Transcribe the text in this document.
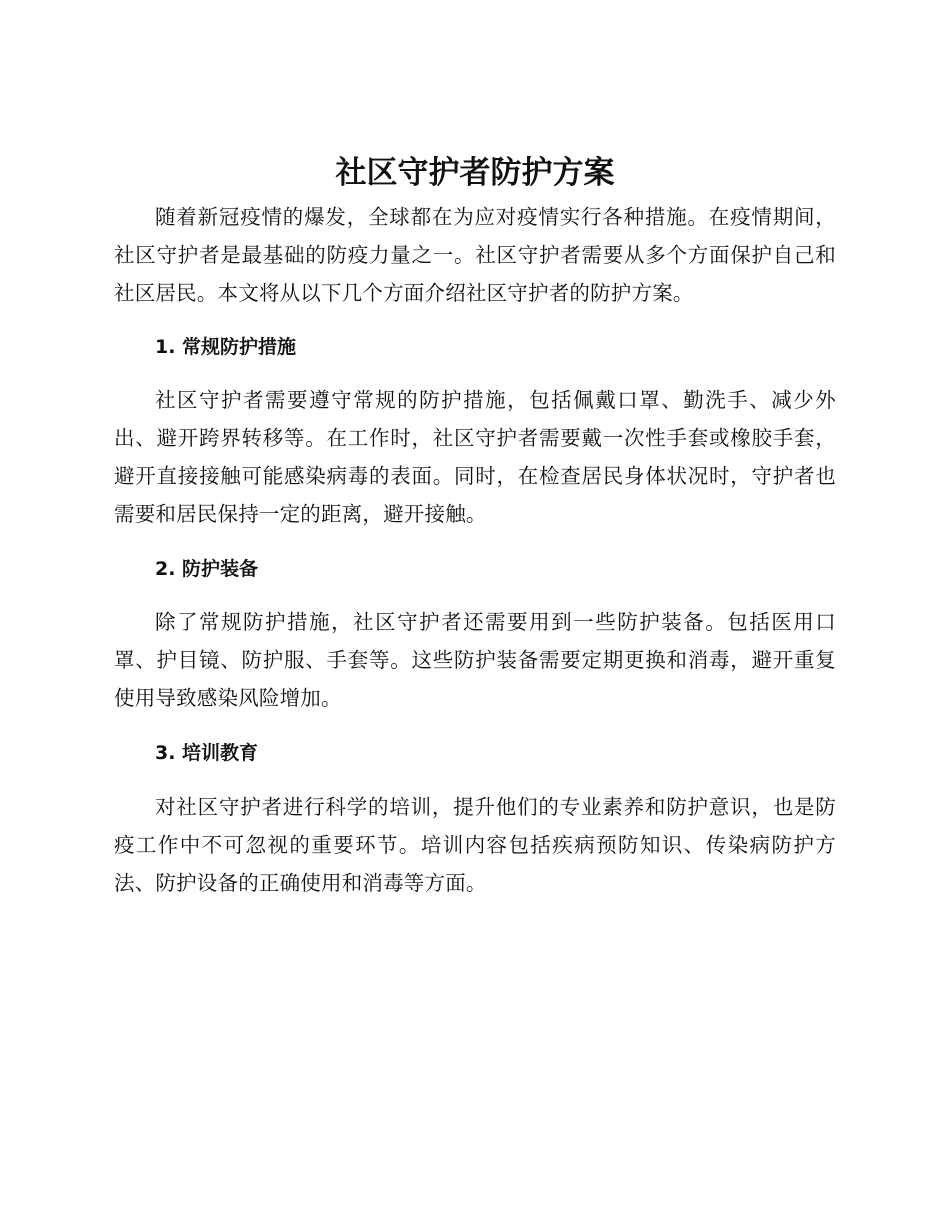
社区守护者防护方案

随着新冠疫情的爆发，全球都在为应对疫情实行各种措施。在疫情期间，社区守护者是最基础的防疫力量之一。社区守护者需要从多个方面保护自己和社区居民。本文将从以下几个方面介绍社区守护者的防护方案。

1. 常规防护措施

社区守护者需要遵守常规的防护措施，包括佩戴口罩、勤洗手、减少外出、避开跨界转移等。在工作时，社区守护者需要戴一次性手套或橡胶手套，避开直接接触可能感染病毒的表面。同时，在检查居民身体状况时，守护者也需要和居民保持一定的距离，避开接触。

2. 防护装备

除了常规防护措施，社区守护者还需要用到一些防护装备。包括医用口罩、护目镜、防护服、手套等。这些防护装备需要定期更换和消毒，避开重复使用导致感染风险增加。

3. 培训教育

对社区守护者进行科学的培训，提升他们的专业素养和防护意识，也是防疫工作中不可忽视的重要环节。培训内容包括疾病预防知识、传染病防护方法、防护设备的正确使用和消毒等方面。
